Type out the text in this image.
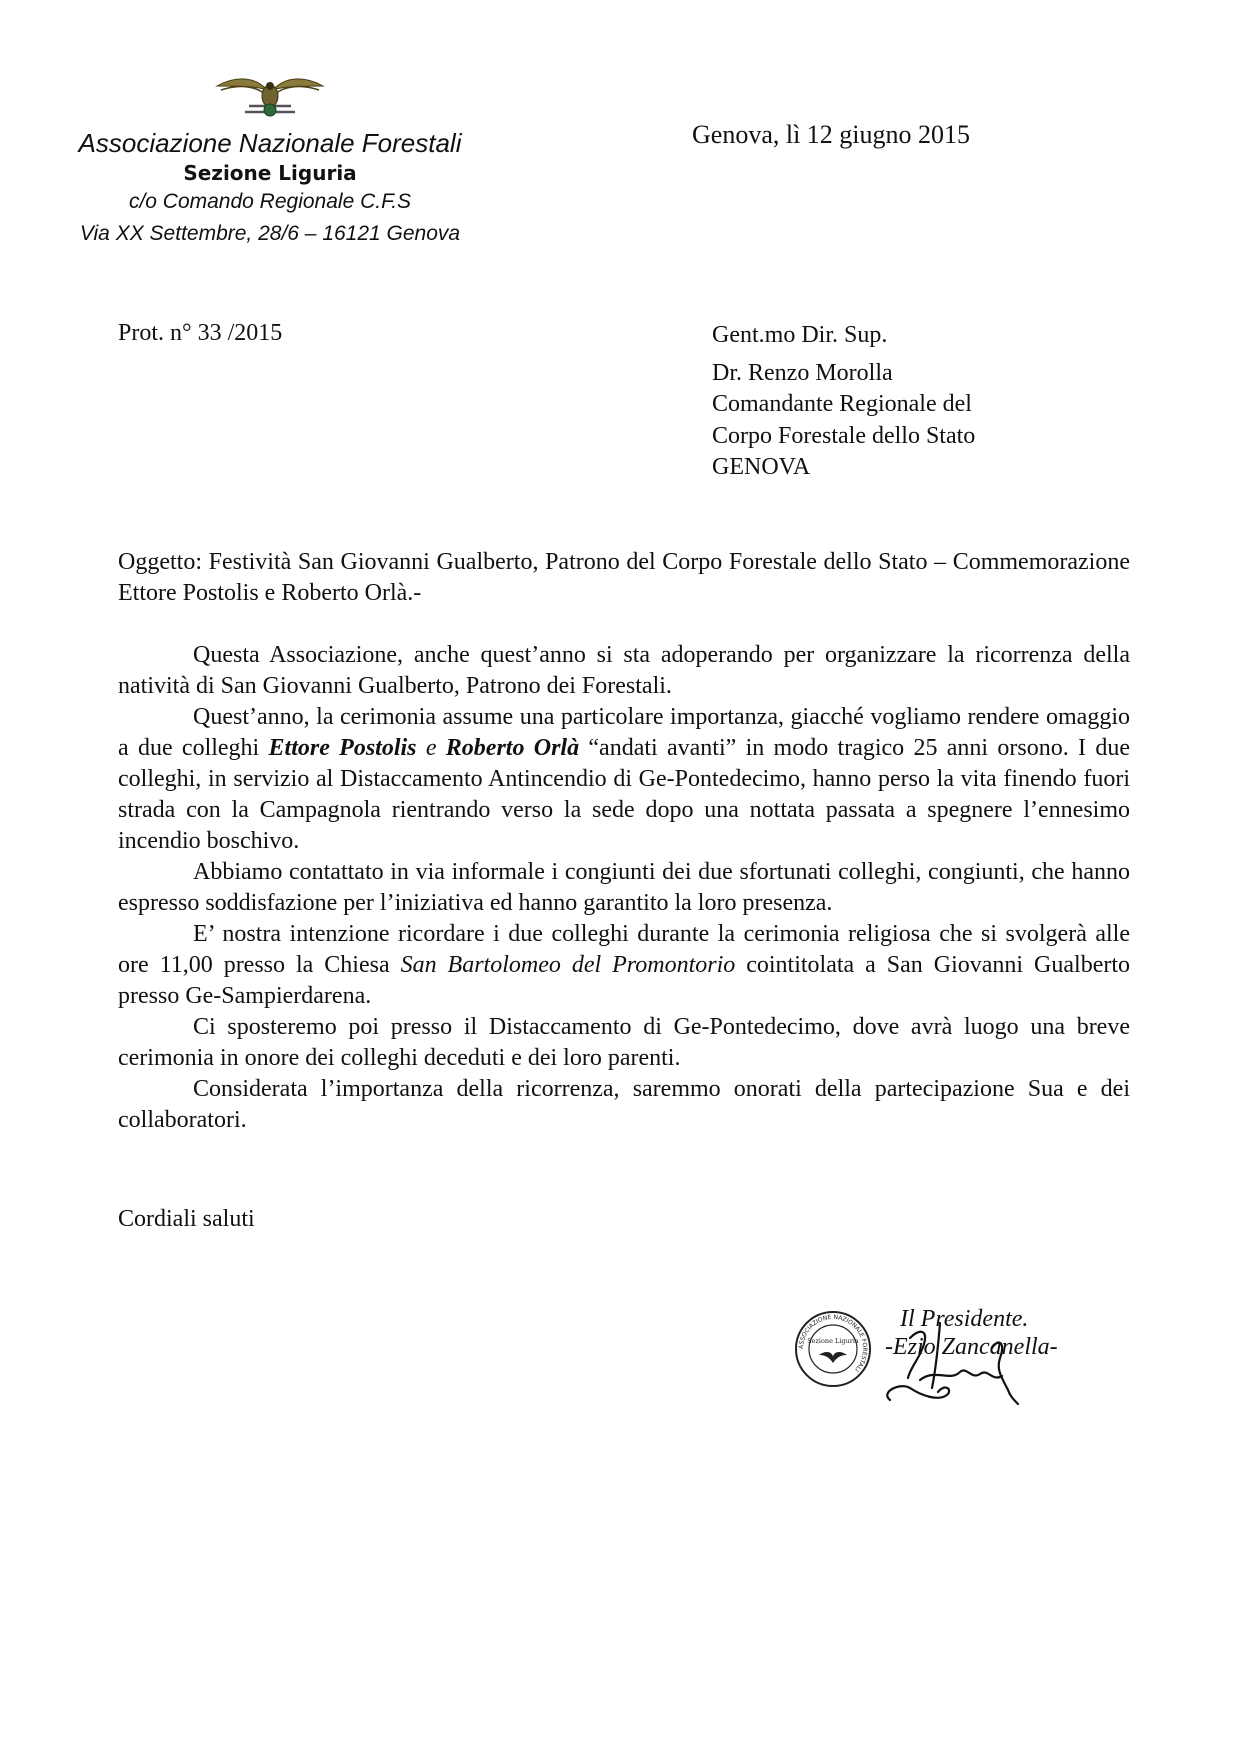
Associazione Nazionale Forestali
Sezione Liguria
c/o Comando Regionale C.F.S
Via XX Settembre, 28/6 – 16121 Genova
Genova, lì 12 giugno 2015
Prot. n° 33 /2015	Gent.mo Dir. Sup.
Dr. Renzo Morolla
Comandante Regionale del
Corpo Forestale dello Stato
GENOVA
Oggetto: Festività San Giovanni Gualberto, Patrono del Corpo Forestale dello Stato – Commemorazione Ettore Postolis e Roberto Orlà.-

Questa Associazione, anche quest’anno si sta adoperando per organizzare la ricorrenza della natività di San Giovanni Gualberto, Patrono dei Forestali.

Quest’anno, la cerimonia assume una particolare importanza, giacché vogliamo rendere omaggio a due colleghi Ettore Postolis e Roberto Orlà “andati avanti” in modo tragico 25 anni orsono. I due colleghi, in servizio al Distaccamento Antincendio di Ge-Pontedecimo, hanno perso la vita finendo fuori strada con la Campagnola rientrando verso la sede dopo una nottata passata a spegnere l’ennesimo incendio boschivo.

Abbiamo contattato in via informale i congiunti dei due sfortunati colleghi, congiunti, che hanno espresso soddisfazione per l’iniziativa ed hanno garantito la loro presenza.

E’ nostra intenzione ricordare i due colleghi durante la cerimonia religiosa che si svolgerà alle ore 11,00 presso la Chiesa San Bartolomeo del Promontorio cointitolata a San Giovanni Gualberto presso Ge-Sampierdarena.

Ci sposteremo poi presso il Distaccamento di Ge-Pontedecimo, dove avrà luogo una breve cerimonia in onore dei colleghi deceduti e dei loro parenti.

Considerata l’importanza della ricorrenza, saremmo onorati della partecipazione Sua e dei collaboratori.

Cordiali saluti
ASSOCIAZIONE NAZIONALE FORESTALI
Sezione Liguria
Il Presidente.
-Ezio Zancanella-
